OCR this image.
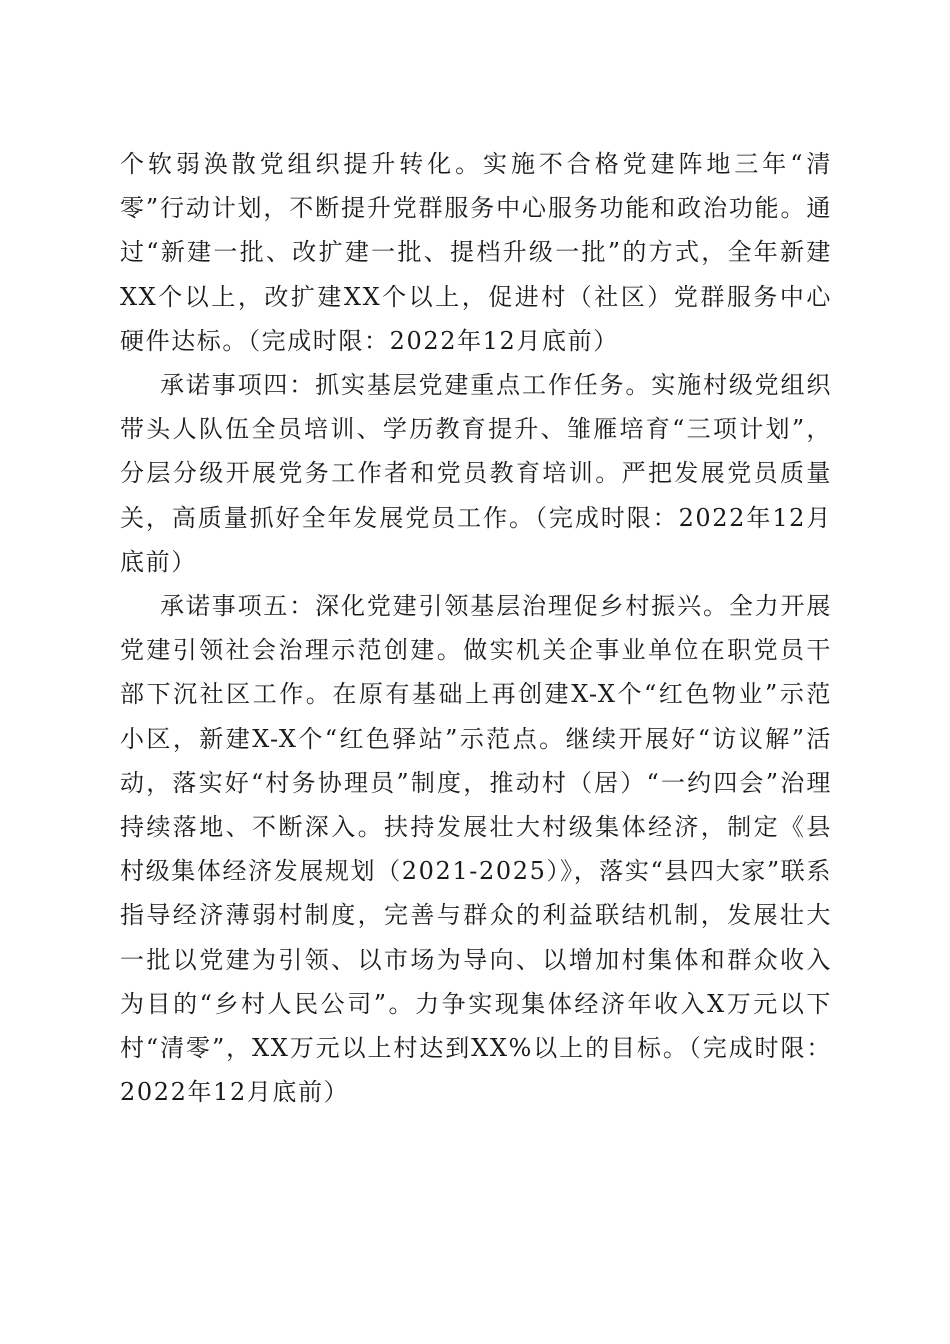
个软弱涣散党组织提升转化。实施不合格党建阵地三年“清零”行动计划，不断提升党群服务中心服务功能和政治功能。通过“新建一批、改扩建一批、提档升级一批”的方式，全年新建XX个以上，改扩建XX个以上，促进村（社区）党群服务中心硬件达标。（完成时限：2022年12月底前）

承诺事项四：抓实基层党建重点工作任务。实施村级党组织带头人队伍全员培训、学历教育提升、雏雁培育“三项计划”，分层分级开展党务工作者和党员教育培训。严把发展党员质量关，高质量抓好全年发展党员工作。（完成时限：2022年12月底前）

承诺事项五：深化党建引领基层治理促乡村振兴。全力开展党建引领社会治理示范创建。做实机关企事业单位在职党员干部下沉社区工作。在原有基础上再创建X-X个“红色物业”示范小区，新建X-X个“红色驿站”示范点。继续开展好“访议解”活动，落实好“村务协理员”制度，推动村（居）“一约四会”治理持续落地、不断深入。扶持发展壮大村级集体经济，制定《县村级集体经济发展规划（2021-2025）》，落实“县四大家”联系指导经济薄弱村制度，完善与群众的利益联结机制，发展壮大一批以党建为引领、以市场为导向、以增加村集体和群众收入为目的“乡村人民公司”。力争实现集体经济年收入X万元以下村“清零”，XX万元以上村达到XX%以上的目标。（完成时限：2022年12月底前）
